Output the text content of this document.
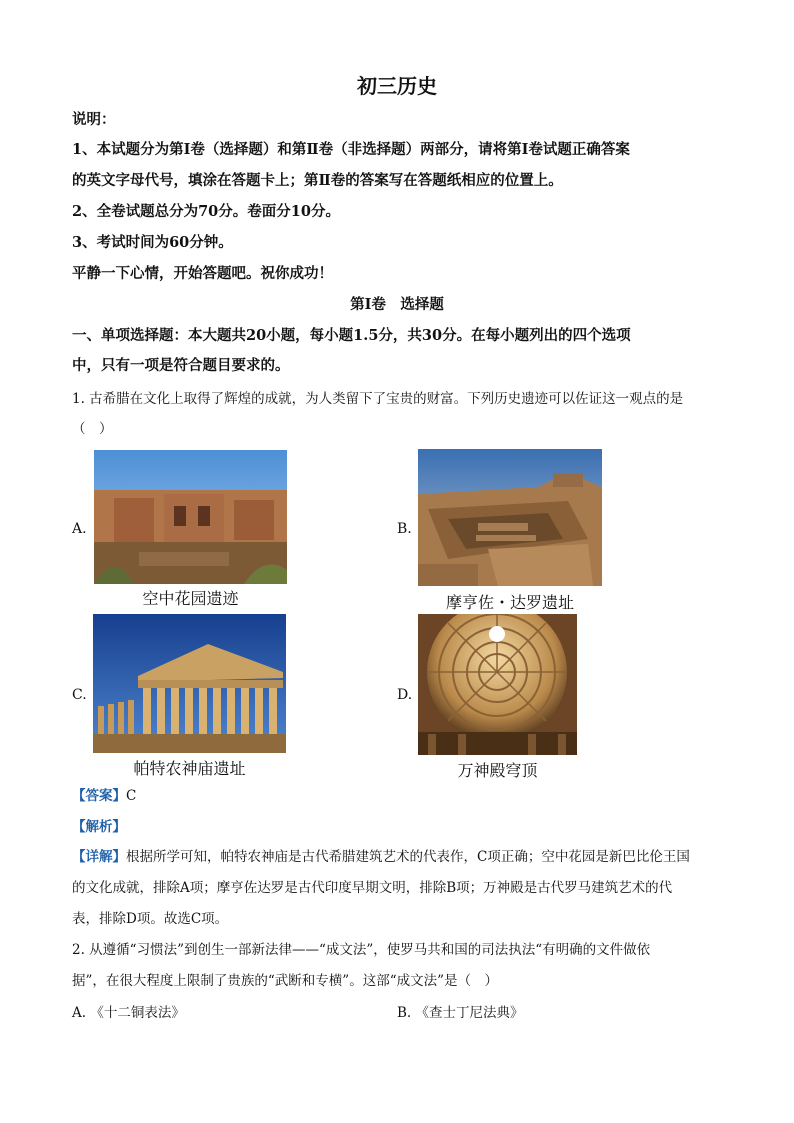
初三历史
说明：
1、本试题分为第Ⅰ卷（选择题）和第Ⅱ卷（非选择题）两部分，请将第Ⅰ卷试题正确答案
的英文字母代号，填涂在答题卡上；第Ⅱ卷的答案写在答题纸相应的位置上。
2、全卷试题总分为70分。卷面分10分。
3、考试时间为60分钟。
平静一下心情，开始答题吧。祝你成功！
第Ⅰ卷　选择题
一、单项选择题：本大题共20小题，每小题1.5分，共30分。在每小题列出的四个选项
中，只有一项是符合题目要求的。
1. 古希腊在文化上取得了辉煌的成就，为人类留下了宝贵的财富。下列历史遗迹可以佐证这一观点的是
（　）
A.
空中花园遗迹
B.
摩亨佐・达罗遗址
C.
帕特农神庙遗址
D.
万神殿穹顶
【答案】C
【解析】
【详解】根据所学可知，帕特农神庙是古代希腊建筑艺术的代表作，C项正确；空中花园是新巴比伦王国
的文化成就，排除A项；摩亨佐达罗是古代印度早期文明，排除B项；万神殿是古代罗马建筑艺术的代
表，排除D项。故选C项。
2. 从遵循“习惯法”到创生一部新法律——“成文法”，使罗马共和国的司法执法“有明确的文件做依
据”，在很大程度上限制了贵族的“武断和专横”。这部“成文法”是（　）
A. 《十二铜表法》	B. 《查士丁尼法典》
